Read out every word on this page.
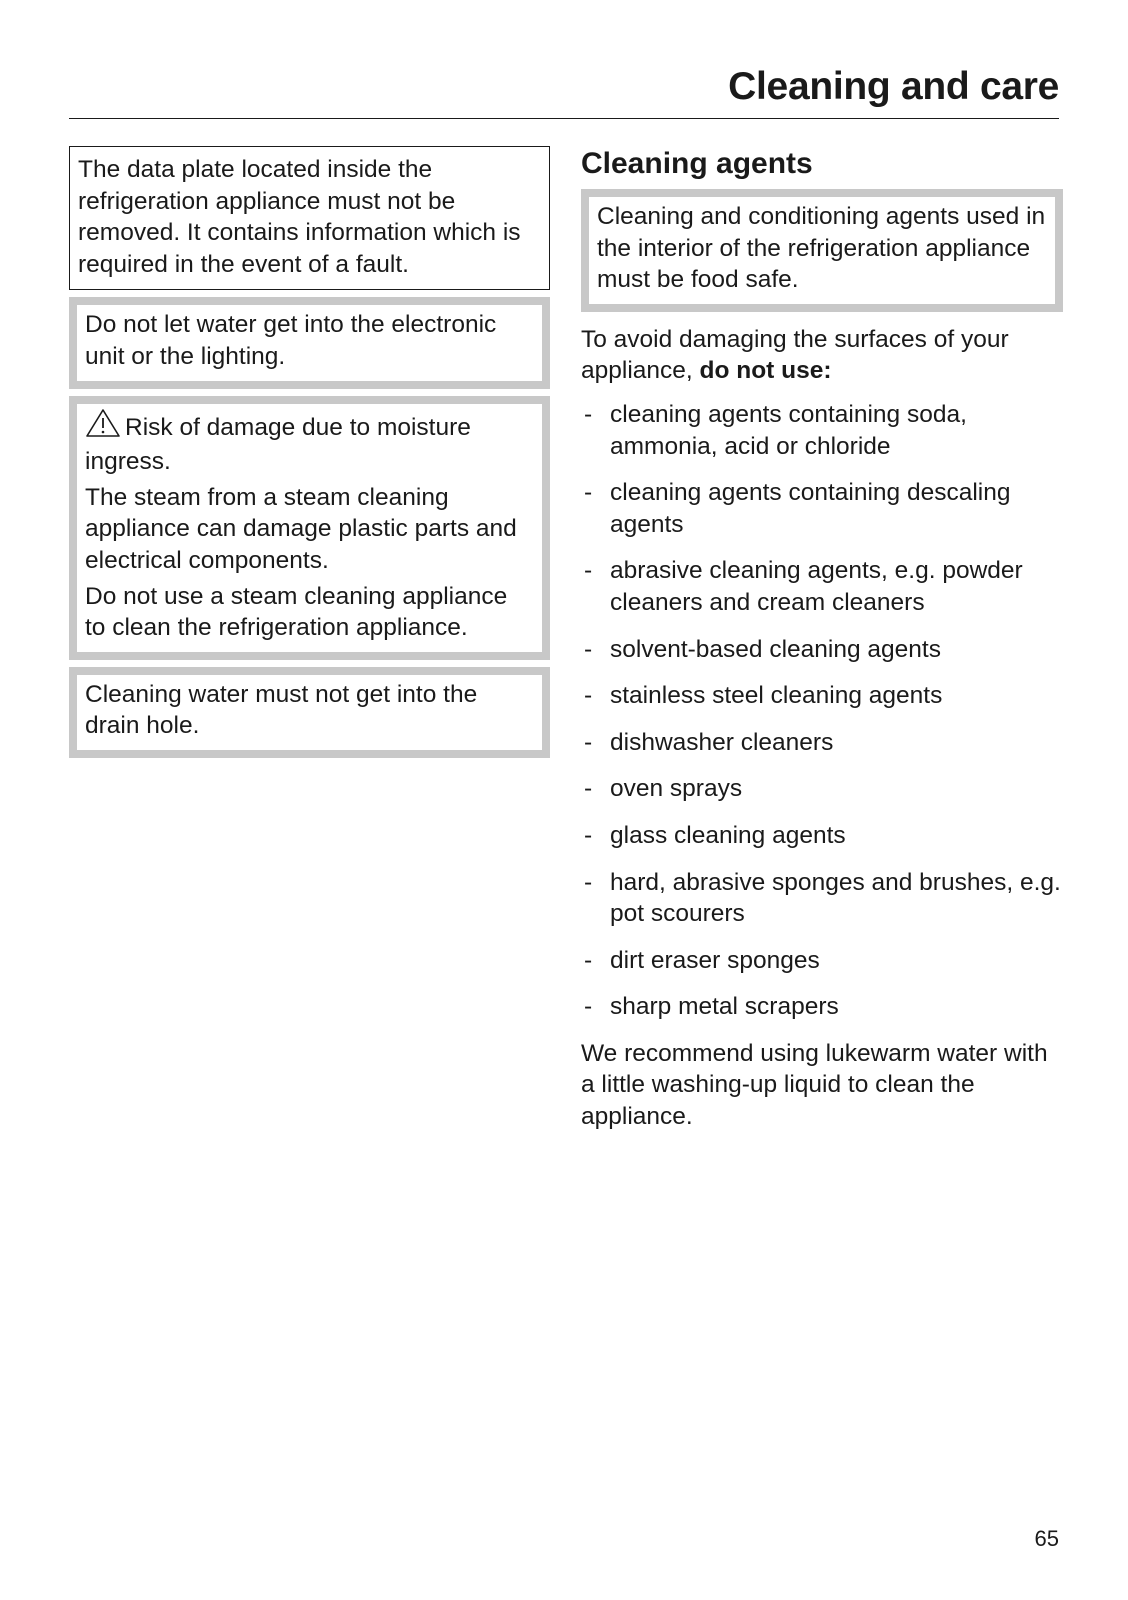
Cleaning and care

The data plate located inside the refrigeration appliance must not be removed. It contains information which is required in the event of a fault.

Do not let water get into the electronic unit or the lighting.

Risk of damage due to moisture ingress.

The steam from a steam cleaning appliance can damage plastic parts and electrical components.

Do not use a steam cleaning appliance to clean the refrigeration appliance.

Cleaning water must not get into the drain hole.

Cleaning agents

Cleaning and conditioning agents used in the interior of the refrigeration appliance must be food safe.

To avoid damaging the surfaces of your appliance, do not use:

- cleaning agents containing soda, ammonia, acid or chloride
- cleaning agents containing descaling agents
- abrasive cleaning agents, e.g. powder cleaners and cream cleaners
- solvent-based cleaning agents
- stainless steel cleaning agents
- dishwasher cleaners
- oven sprays
- glass cleaning agents
- hard, abrasive sponges and brushes, e.g. pot scourers
- dirt eraser sponges
- sharp metal scrapers

We recommend using lukewarm water with a little washing-up liquid to clean the appliance.

65
